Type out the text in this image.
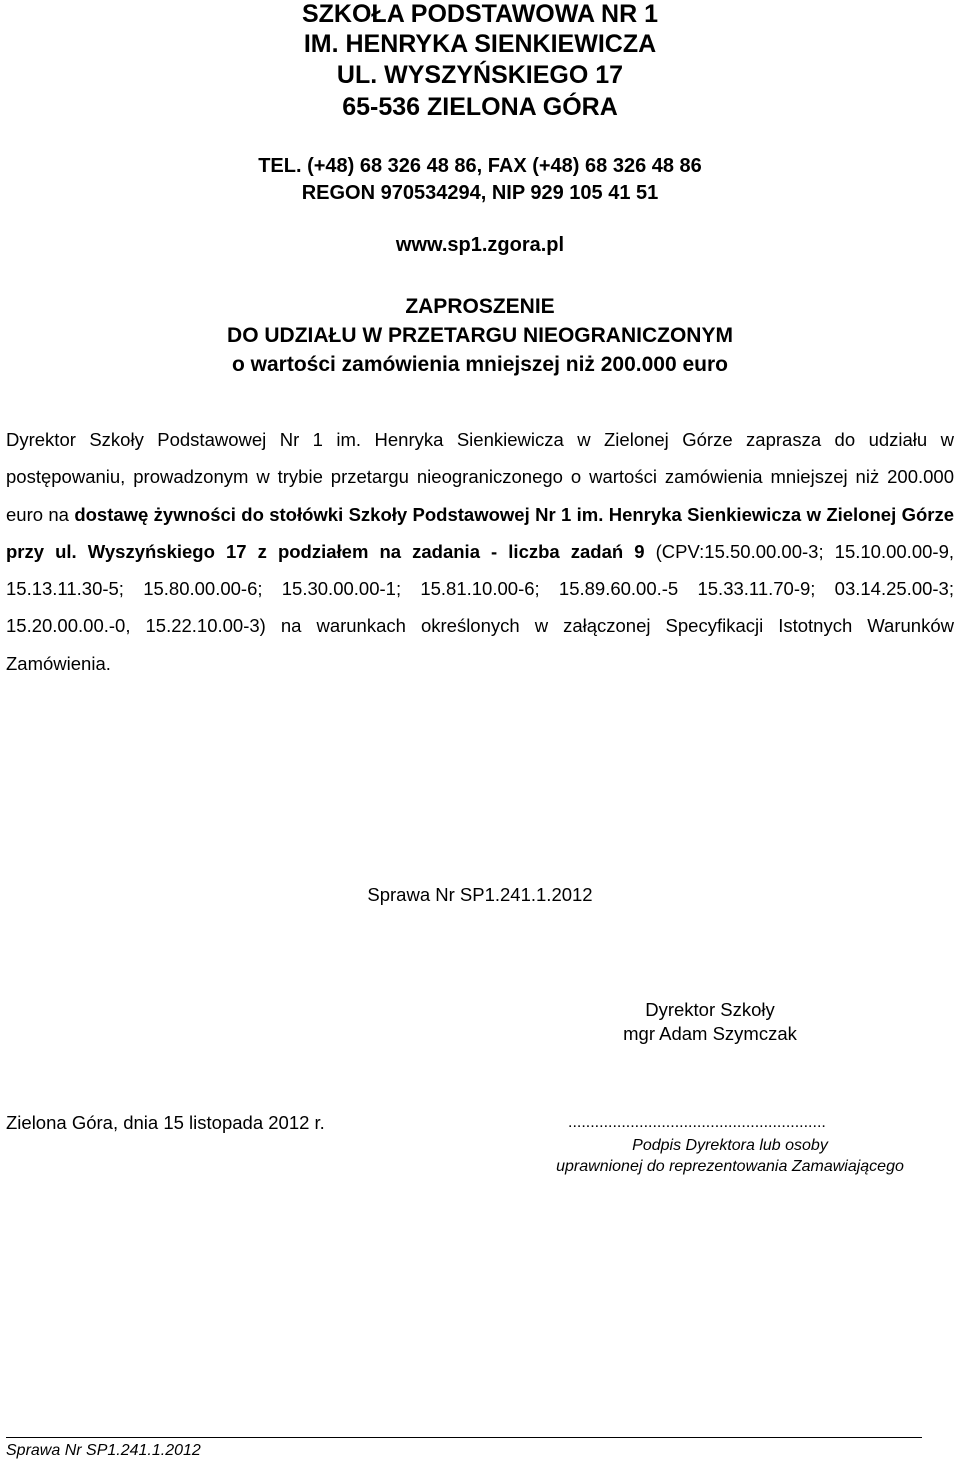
SZKOŁA PODSTAWOWA NR 1
IM. HENRYKA SIENKIEWICZA
UL. WYSZYŃSKIEGO 17
65-536 ZIELONA GÓRA
TEL. (+48) 68 326 48 86, FAX (+48) 68 326 48 86
REGON 970534294, NIP 929 105 41 51
www.sp1.zgora.pl
ZAPROSZENIE
DO UDZIAŁU W PRZETARGU NIEOGRANICZONYM
o wartości zamówienia mniejszej niż 200.000 euro

Dyrektor Szkoły Podstawowej Nr 1 im. Henryka Sienkiewicza w Zielonej Górze zaprasza do udziału w postępowaniu, prowadzonym w trybie przetargu nieograniczonego o wartości zamówienia mniejszej niż 200.000 euro na dostawę żywności do stołówki Szkoły Podstawowej Nr 1 im. Henryka Sienkiewicza w Zielonej Górze przy ul. Wyszyńskiego 17 z podziałem na zadania - liczba zadań 9 (CPV:15.50.00.00-3; 15.10.00.00-9, 15.13.11.30-5; 15.80.00.00-6; 15.30.00.00-1; 15.81.10.00-6; 15.89.60.00.-5 15.33.11.70-9; 03.14.25.00-3; 15.20.00.00.-0, 15.22.10.00-3) na warunkach określonych w załączonej Specyfikacji Istotnych Warunków Zamówienia.

Sprawa Nr SP1.241.1.2012
Dyrektor Szkoły
mgr Adam Szymczak
Zielona Góra, dnia 15 listopada 2012 r.	..........................................................
Podpis Dyrektora lub osoby
uprawnionej do reprezentowania Zamawiającego
Sprawa Nr SP1.241.1.2012
